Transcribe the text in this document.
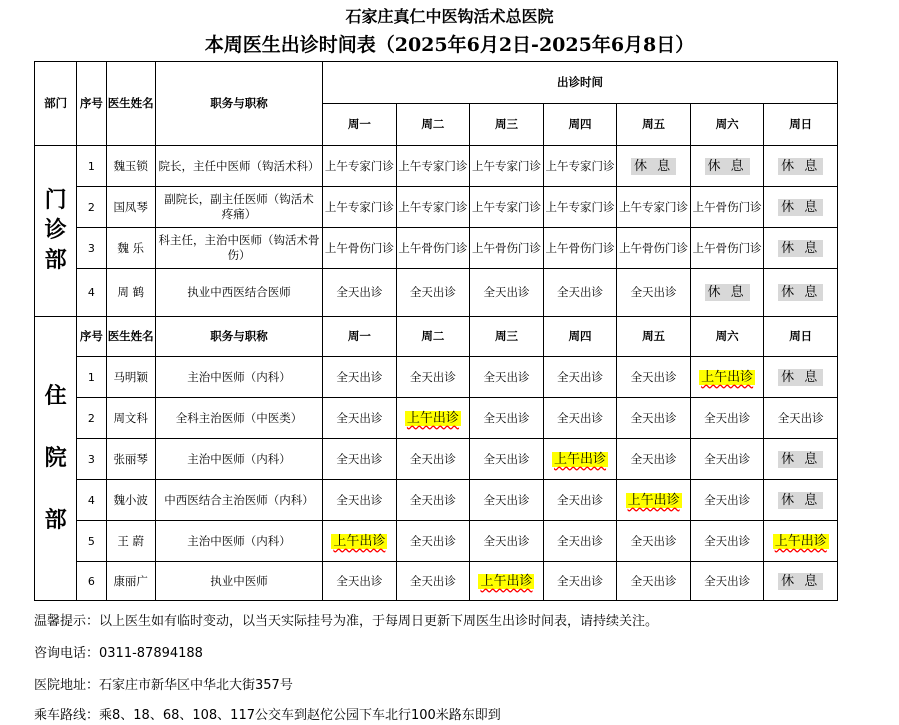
石家庄真仁中医钩活术总医院
本周医生出诊时间表（2025年6月2日-2025年6月8日）
部门	序号	医生姓名	职务与职称	出诊时间						
				周一	周二	周三	周四	周五	周六	周日
门诊部	1	魏玉锁	院长，主任中医师（钩活术科）	上午专家门诊	上午专家门诊	上午专家门诊	上午专家门诊	休 息	休 息	休 息
	2	国凤琴	副院长，副主任医师（钩活术 疼痛）	上午专家门诊	上午专家门诊	上午专家门诊	上午专家门诊	上午专家门诊	上午骨伤门诊	休 息
	3	魏 乐	科主任，主治中医师（钩活术骨伤）	上午骨伤门诊	上午骨伤门诊	上午骨伤门诊	上午骨伤门诊	上午骨伤门诊	上午骨伤门诊	休 息
	4	周 鹤	执业中西医结合医师	全天出诊	全天出诊	全天出诊	全天出诊	全天出诊	休 息	休 息
住院部	序号	医生姓名	职务与职称	周一	周二	周三	周四	周五	周六	周日
	1	马明颖	主治中医师（内科）	全天出诊	全天出诊	全天出诊	全天出诊	全天出诊	上午出诊	休 息
	2	周文科	全科主治医师（中医类）	全天出诊	上午出诊	全天出诊	全天出诊	全天出诊	全天出诊	全天出诊
	3	张丽琴	主治中医师（内科）	全天出诊	全天出诊	全天出诊	上午出诊	全天出诊	全天出诊	休 息
	4	魏小波	中西医结合主治医师（内科）	全天出诊	全天出诊	全天出诊	全天出诊	上午出诊	全天出诊	休 息
	5	王 蔚	主治中医师（内科）	上午出诊	全天出诊	全天出诊	全天出诊	全天出诊	全天出诊	上午出诊
	6	康丽广	执业中医师	全天出诊	全天出诊	上午出诊	全天出诊	全天出诊	全天出诊	休 息
温馨提示：以上医生如有临时变动，以当天实际挂号为准，于每周日更新下周医生出诊时间表，请持续关注。
咨询电话：0311-87894188
医院地址：石家庄市新华区中华北大街357号
乘车路线：乘8、18、68、108、117公交车到赵佗公园下车北行100米路东即到
